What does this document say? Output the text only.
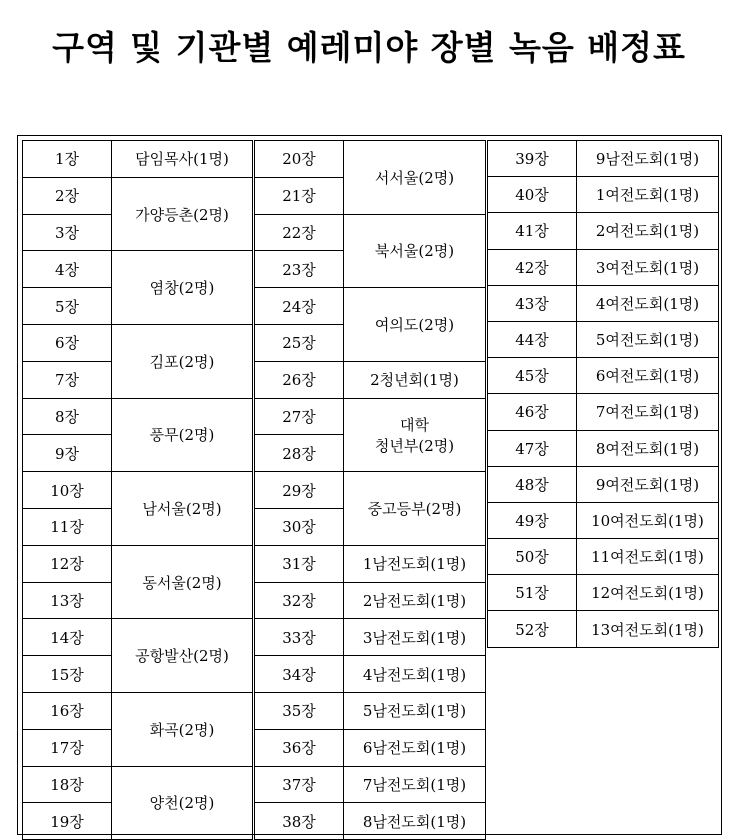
구역 및 기관별 예레미야 장별 녹음 배정표
1장	담임목사(1명)
2장	가양등촌(2명)
3장	
4장	염창(2명)
5장	
6장	김포(2명)
7장	
8장	풍무(2명)
9장	
10장	남서울(2명)
11장	
12장	동서울(2명)
13장	
14장	공항발산(2명)
15장	
16장	화곡(2명)
17장	
18장	양천(2명)
19장	
20장	서서울(2명)
21장	
22장	북서울(2명)
23장	
24장	여의도(2명)
25장	
26장	2청년회(1명)
27장	대학
청년부(2명)
28장	
29장	중고등부(2명)
30장	
31장	1남전도회(1명)
32장	2남전도회(1명)
33장	3남전도회(1명)
34장	4남전도회(1명)
35장	5남전도회(1명)
36장	6남전도회(1명)
37장	7남전도회(1명)
38장	8남전도회(1명)
39장	9남전도회(1명)
40장	1여전도회(1명)
41장	2여전도회(1명)
42장	3여전도회(1명)
43장	4여전도회(1명)
44장	5여전도회(1명)
45장	6여전도회(1명)
46장	7여전도회(1명)
47장	8여전도회(1명)
48장	9여전도회(1명)
49장	10여전도회(1명)
50장	11여전도회(1명)
51장	12여전도회(1명)
52장	13여전도회(1명)
